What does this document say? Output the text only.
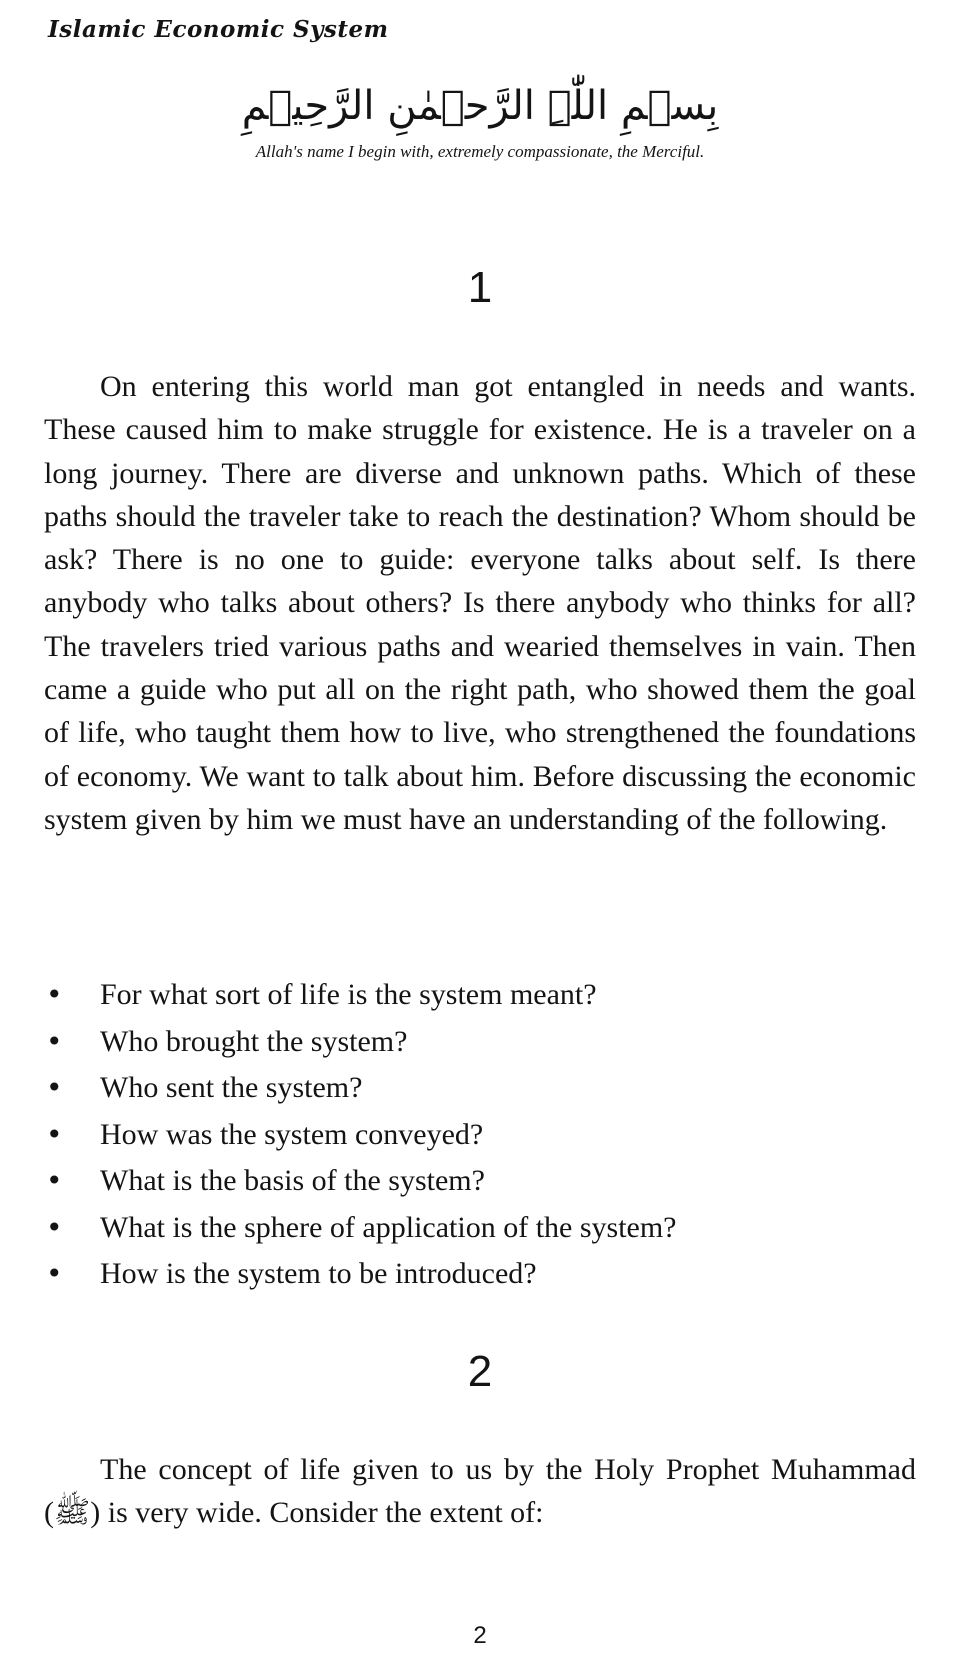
Islamic Economic System
بِسۡمِ اللّٰہِ الرَّحۡمٰنِ الرَّحِیۡمِ
Allah's name I begin with, extremely compassionate, the Merciful.
1

On entering this world man got entangled in needs and wants. These caused him to make struggle for existence. He is a traveler on a long journey. There are diverse and unknown paths. Which of these paths should the traveler take to reach the destination? Whom should be ask? There is no one to guide: everyone talks about self. Is there anybody who talks about others? Is there anybody who thinks for all? The travelers tried various paths and wearied themselves in vain. Then came a guide who put all on the right path, who showed them the goal of life, who taught them how to live, who strengthened the foundations of economy. We want to talk about him. Before discussing the economic system given by him we must have an understanding of the following.

• For what sort of life is the system meant?
• Who brought the system?
• Who sent the system?
• How was the system conveyed?
• What is the basis of the system?
• What is the sphere of application of the system?
• How is the system to be introduced?
2

The concept of life given to us by the Holy Prophet Muhammad (ﷺ) is very wide. Consider the extent of:

2
